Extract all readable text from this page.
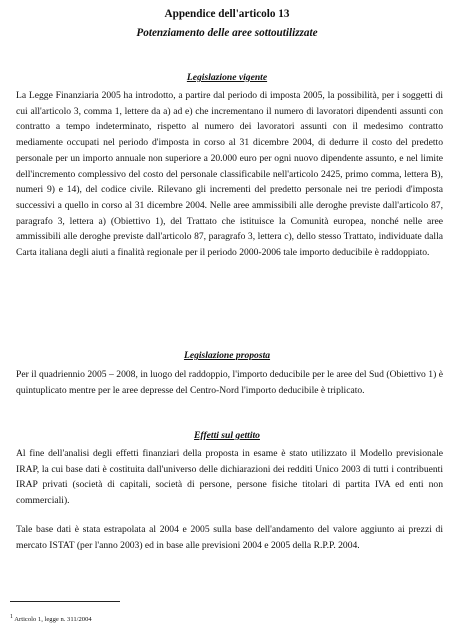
Appendice dell'articolo 13
Potenziamento delle aree sottoutilizzate
Legislazione vigente
La Legge Finanziaria 2005 ha introdotto, a partire dal periodo di imposta 2005, la possibilità, per i soggetti di cui all'articolo 3, comma 1, lettere da a) ad e) che incrementano il numero di lavoratori dipendenti assunti con contratto a tempo indeterminato, rispetto al numero dei lavoratori assunti con il medesimo contratto mediamente occupati nel periodo d'imposta in corso al 31 dicembre 2004, di dedurre il costo del predetto personale per un importo annuale non superiore a 20.000 euro per ogni nuovo dipendente assunto, e nel limite dell'incremento complessivo del costo del personale classificabile nell'articolo 2425, primo comma, lettera B), numeri 9) e 14), del codice civile. Rilevano gli incrementi del predetto personale nei tre periodi d'imposta successivi a quello in corso al 31 dicembre 2004. Nelle aree ammissibili alle deroghe previste dall'articolo 87, paragrafo 3, lettera a) (Obiettivo 1), del Trattato che istituisce la Comunità europea, nonché nelle aree ammissibili alle deroghe previste dall'articolo 87, paragrafo 3, lettera c), dello stesso Trattato, individuate dalla Carta italiana degli aiuti a finalità regionale per il periodo 2000-2006 tale importo deducibile è raddoppiato.
Legislazione proposta
Per il quadriennio 2005 – 2008, in luogo del raddoppio, l'importo deducibile per le aree del Sud (Obiettivo 1) è quintuplicato mentre per le aree depresse del Centro-Nord l'importo deducibile è triplicato.
Effetti sul gettito
Al fine dell'analisi degli effetti finanziari della proposta in esame è stato utilizzato il Modello previsionale IRAP, la cui base dati è costituita dall'universo delle dichiarazioni dei redditi Unico 2003 di tutti i contribuenti IRAP privati (società di capitali, società di persone, persone fisiche titolari di partita IVA ed enti non commerciali).
Tale base dati è stata estrapolata al 2004 e 2005 sulla base dell'andamento del valore aggiunto ai prezzi di mercato ISTAT (per l'anno 2003) ed in base alle previsioni 2004 e 2005 della R.P.P. 2004.
$^1$ Articolo 1, legge n. 311/2004
